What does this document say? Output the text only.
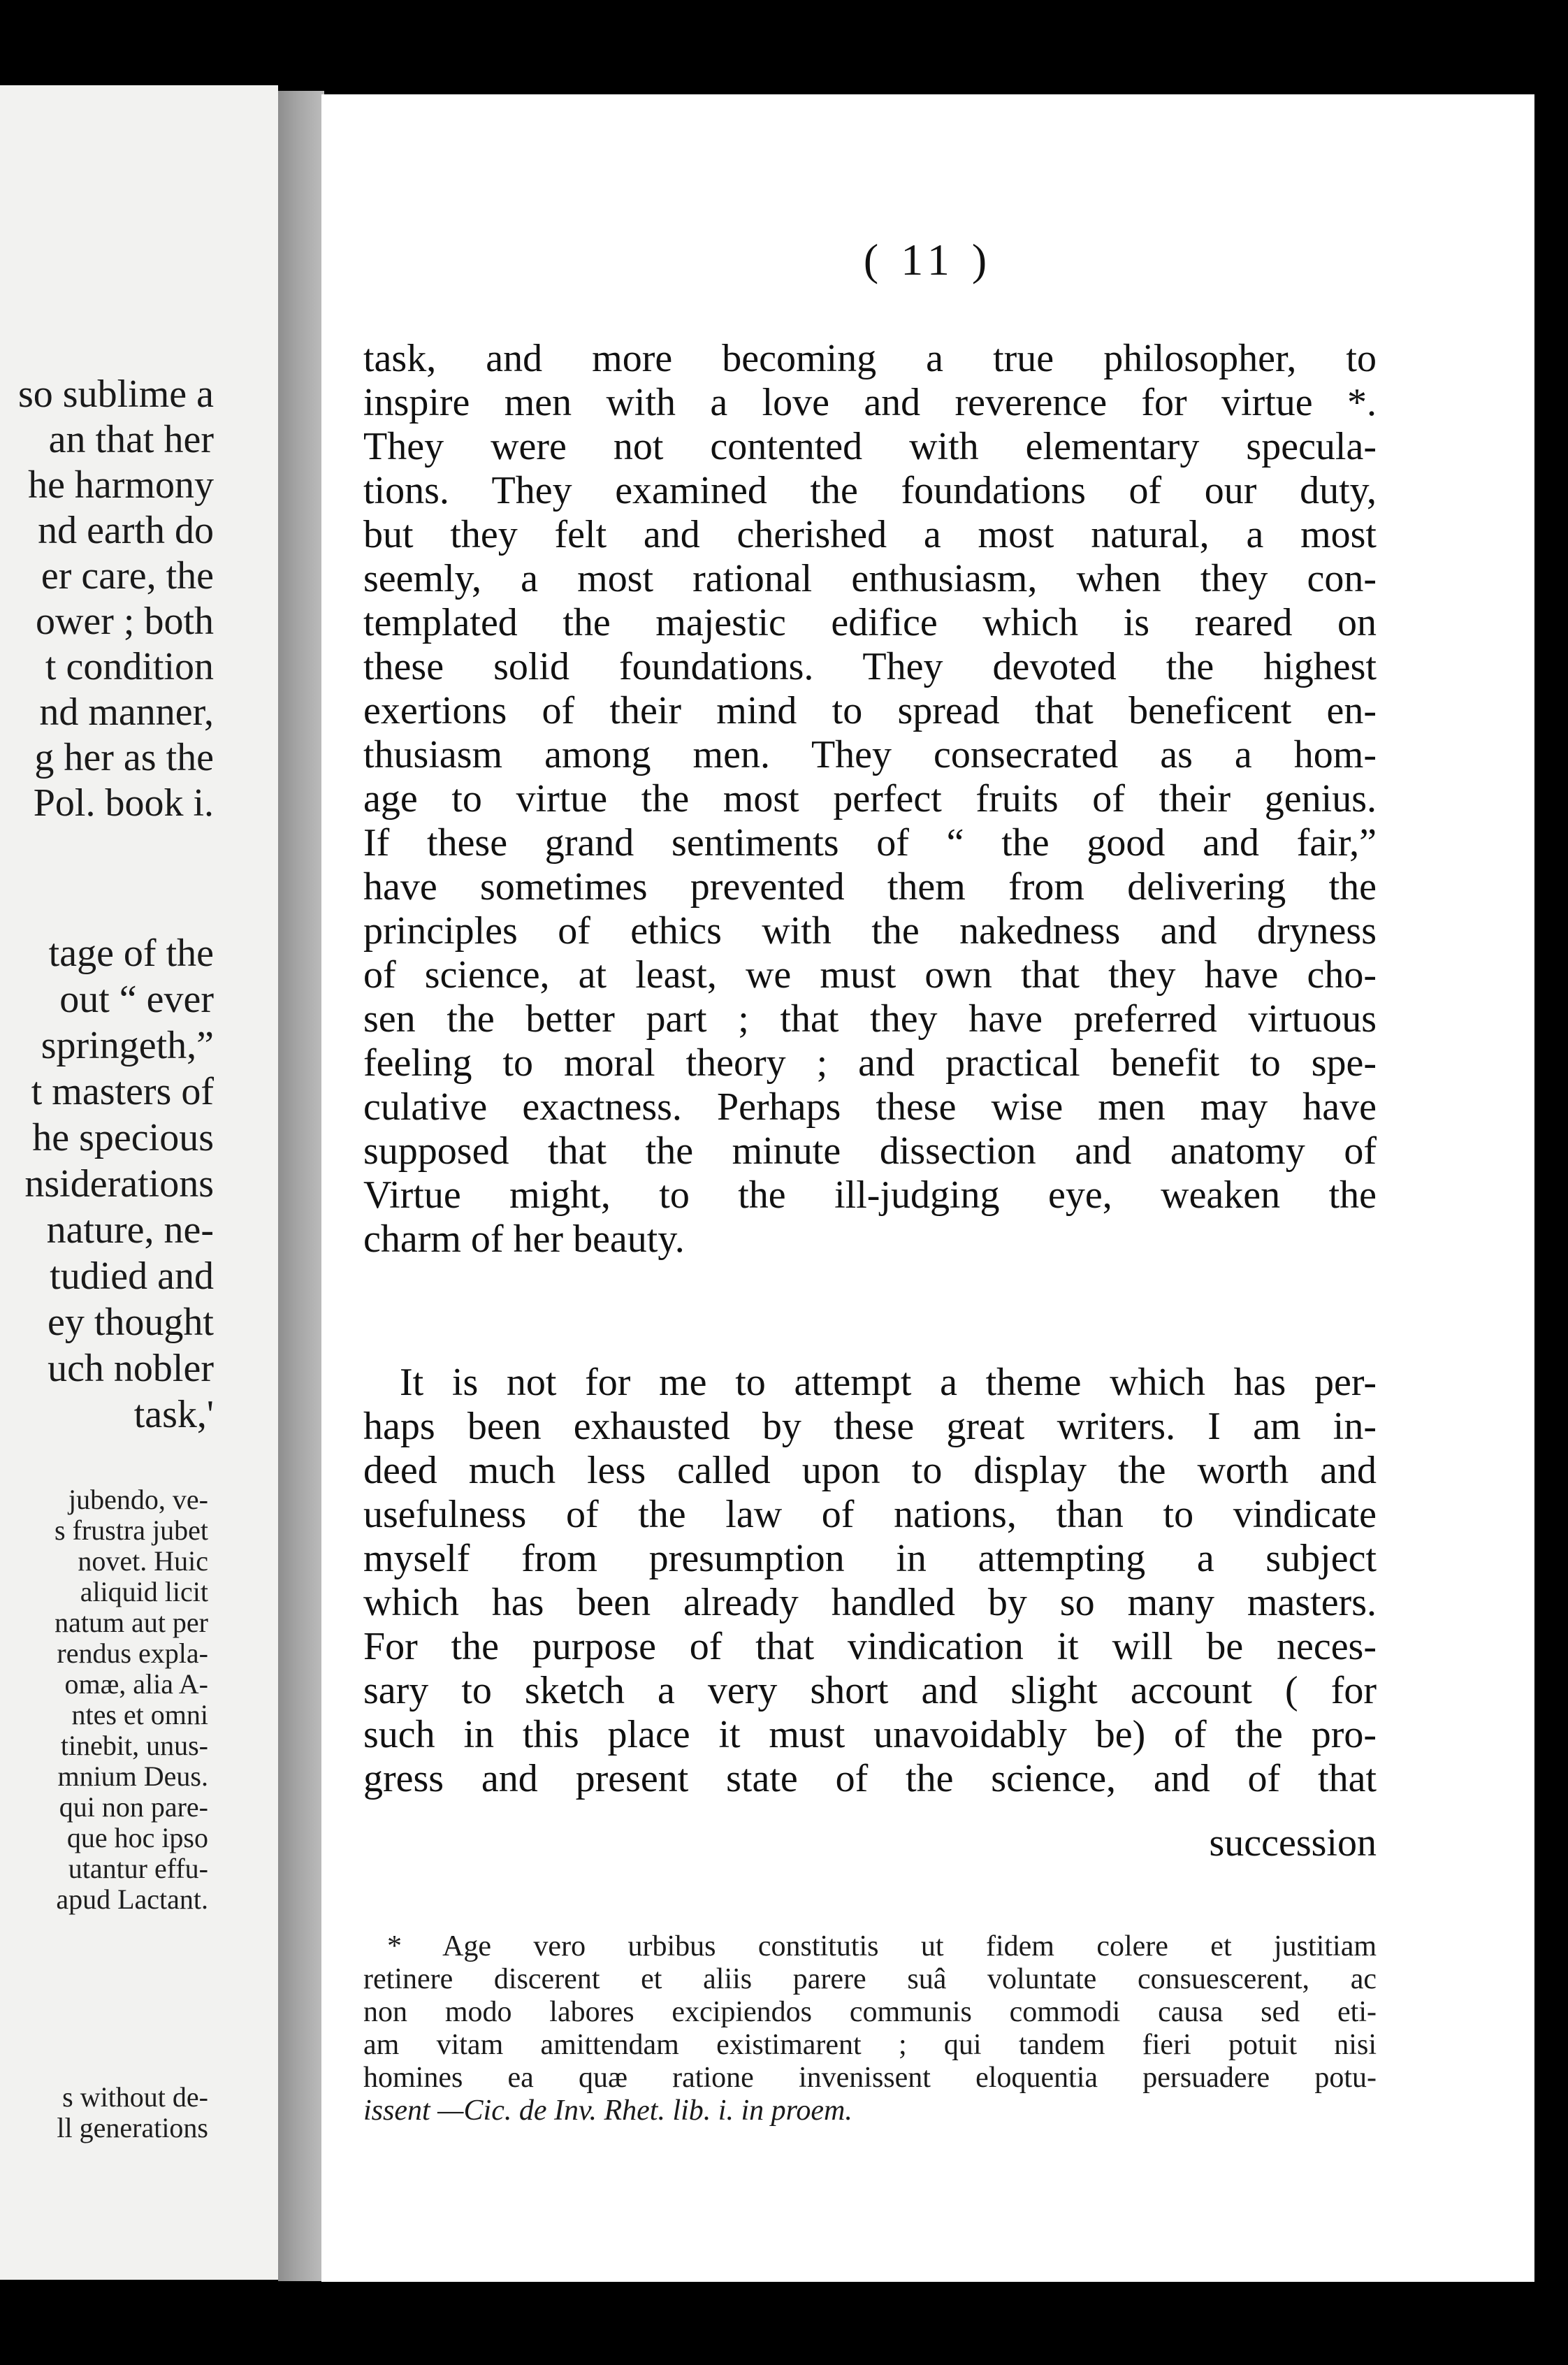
so sublime a
an that her
he harmony
nd earth do
er care, the
ower ; both
t condition
nd manner,
g her as the
Pol. book i.
tage of the
out “ ever
springeth,”
t masters of
he specious
nsiderations
nature, ne-
tudied and
ey thought
uch nobler
task,'
jubendo, ve-
s frustra jubet
novet. Huic
aliquid licit
natum aut per
rendus expla-
omæ, alia A-
ntes et omni
tinebit, unus-
mnium Deus.
qui non pare-
que hoc ipso
utantur effu-
apud Lactant.
s without de-
ll generations
( 11 )
task, and more becoming a true philosopher, to
inspire men with a love and reverence for virtue *.
They were not contented with elementary specula-
tions. They examined the foundations of our duty,
but they felt and cherished a most natural, a most
seemly, a most rational enthusiasm, when they con-
templated the majestic edifice which is reared on
these solid foundations. They devoted the highest
exertions of their mind to spread that beneficent en-
thusiasm among men. They consecrated as a hom-
age to virtue the most perfect fruits of their genius.
If these grand sentiments of “ the good and fair,”
have sometimes prevented them from delivering the
principles of ethics with the nakedness and dryness
of science, at least, we must own that they have cho-
sen the better part ; that they have preferred virtuous
feeling to moral theory ; and practical benefit to spe-
culative exactness. Perhaps these wise men may have
supposed that the minute dissection and anatomy of
Virtue might, to the ill-judging eye, weaken the
charm of her beauty.
It is not for me to attempt a theme which has per-
haps been exhausted by these great writers. I am in-
deed much less called upon to display the worth and
usefulness of the law of nations, than to vindicate
myself from presumption in attempting a subject
which has been already handled by so many masters.
For the purpose of that vindication it will be neces-
sary to sketch a very short and slight account ( for
such in this place it must unavoidably be) of the pro-
gress and present state of the science, and of that
succession
* Age vero urbibus constitutis ut fidem colere et justitiam
retinere discerent et aliis parere suâ voluntate consuescerent, ac
non modo labores excipiendos communis commodi causa sed eti-
am vitam amittendam existimarent ; qui tandem fieri potuit nisi
homines ea quæ ratione invenissent eloquentia persuadere potu-
issent —Cic. de Inv. Rhet. lib. i. in proem.
